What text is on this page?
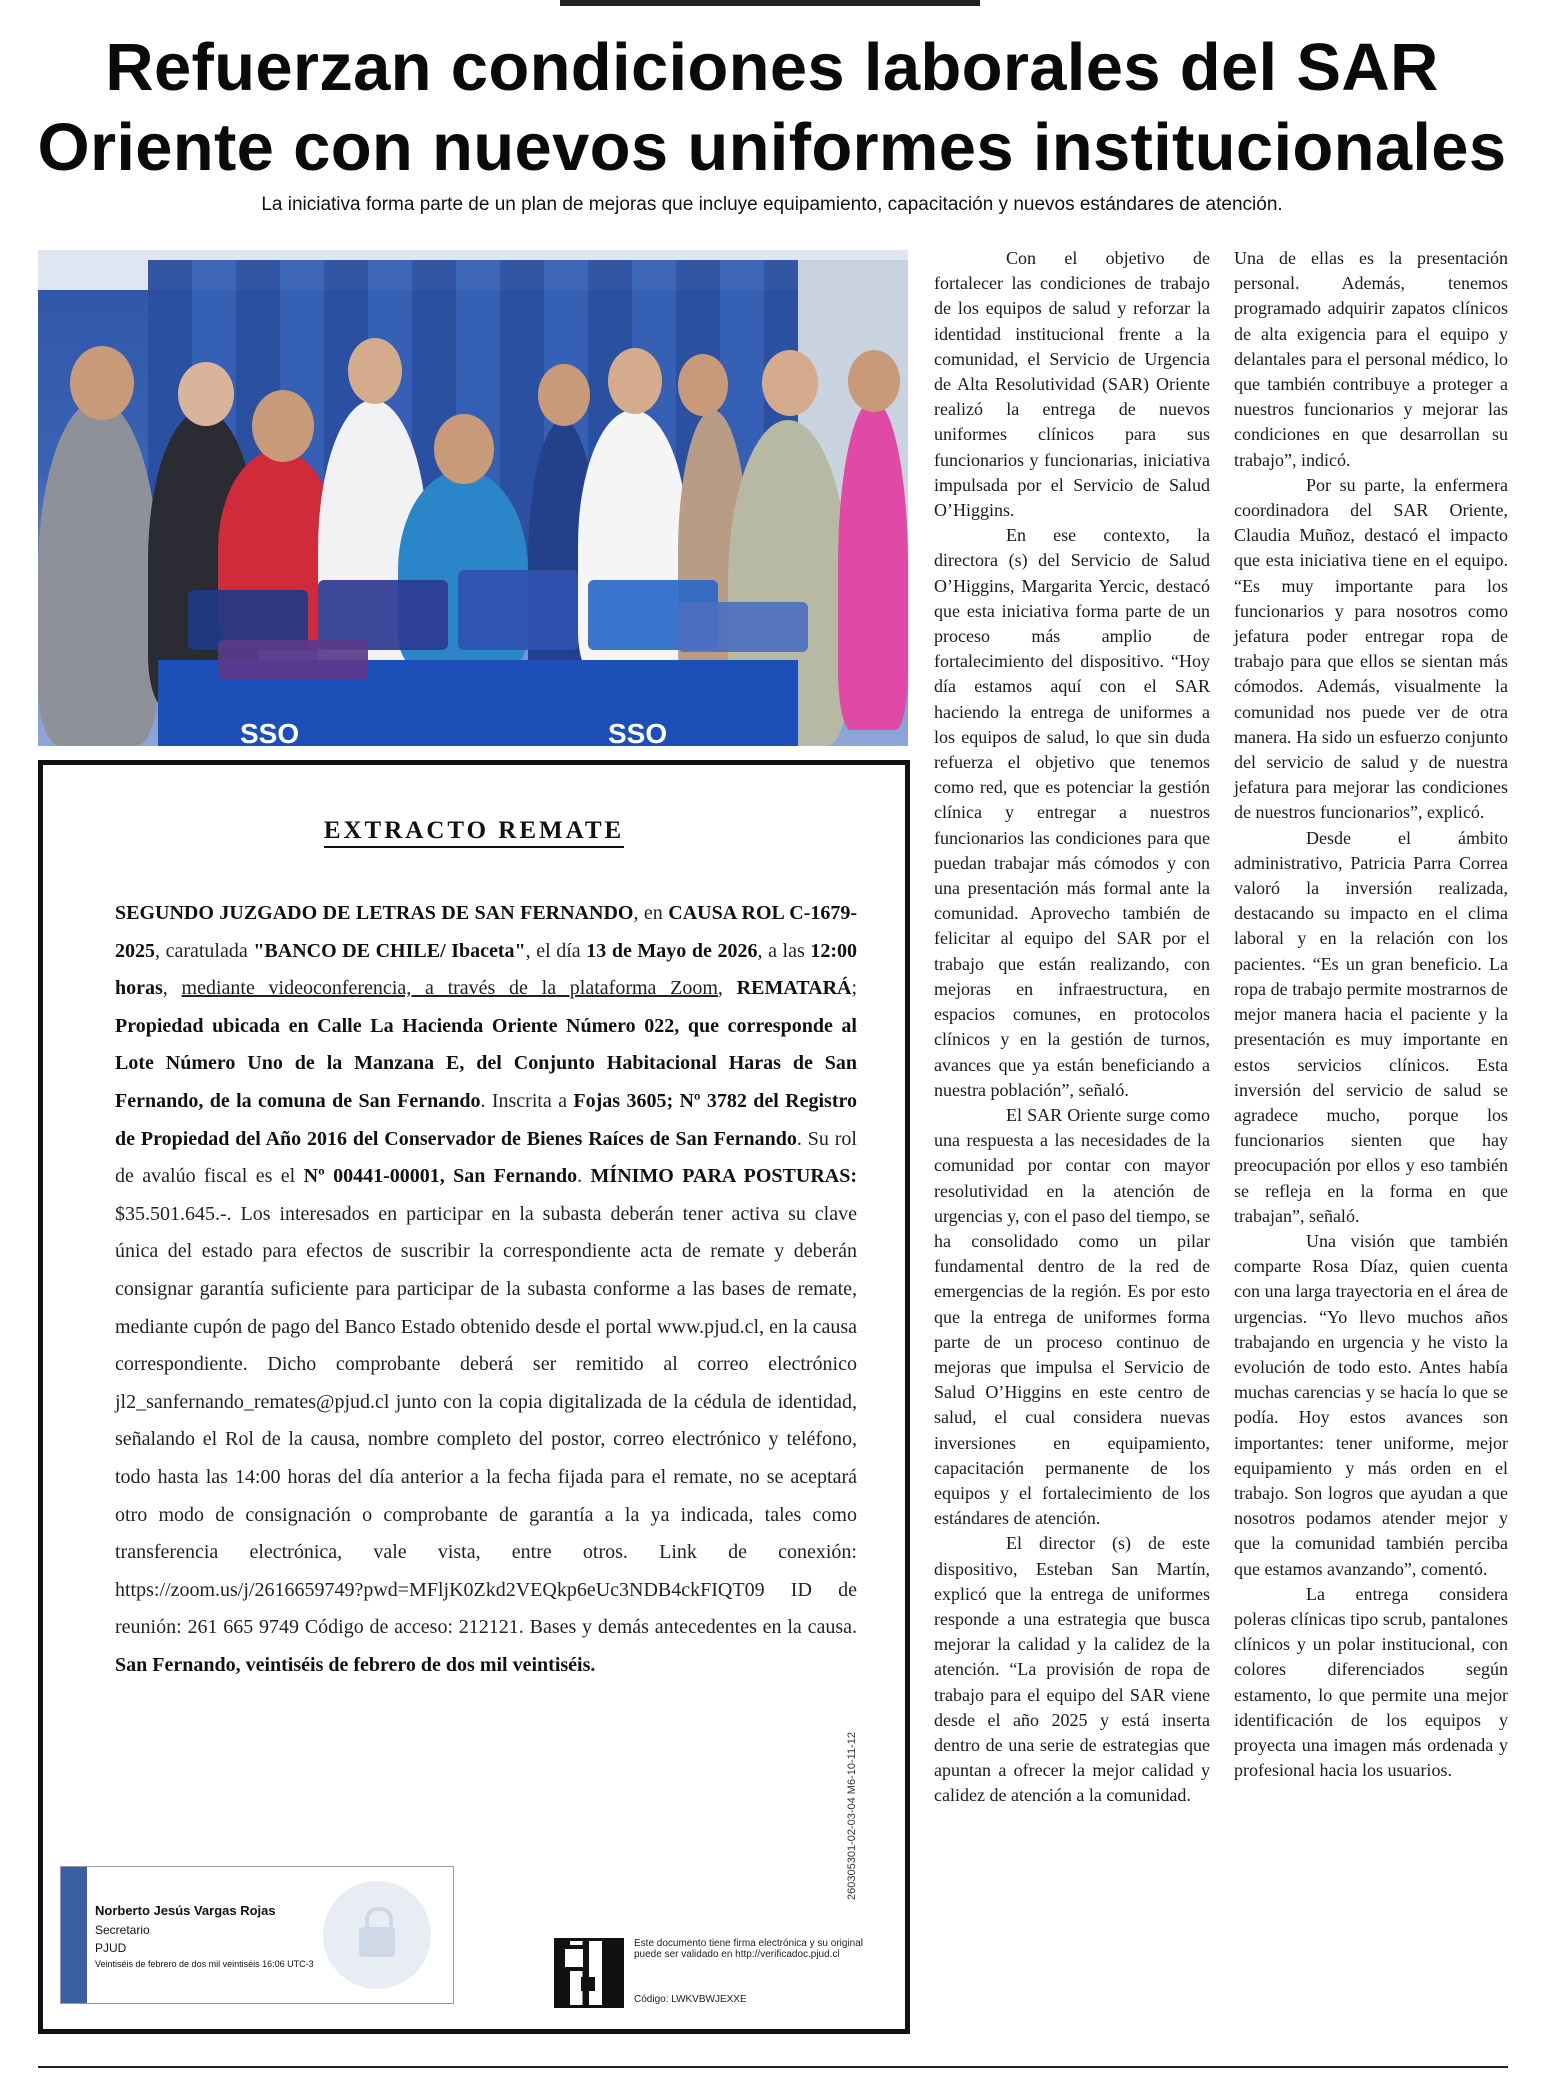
Refuerzan condiciones laborales del SAR
Oriente con nuevos uniformes institucionales
La iniciativa forma parte de un plan de mejoras que incluye equipamiento, capacitación y nuevos estándares de atención.
SSO	SSO
EXTRACTO REMATE

SEGUNDO JUZGADO DE LETRAS DE SAN FERNANDO, en CAUSA ROL C-1679-2025, caratulada "BANCO DE CHILE/ Ibaceta", el día 13 de Mayo de 2026, a las 12:00 horas, mediante videoconferencia, a través de la plataforma Zoom, REMATARÁ; Propiedad ubicada en Calle La Hacienda Oriente Número 022, que corresponde al Lote Número Uno de la Manzana E, del Conjunto Habitacional Haras de San Fernando, de la comuna de San Fernando. Inscrita a Fojas 3605; Nº 3782 del Registro de Propiedad del Año 2016 del Conservador de Bienes Raíces de San Fernando. Su rol de avalúo fiscal es el Nº 00441-00001, San Fernando. MÍNIMO PARA POSTURAS: $35.501.645.-. Los interesados en participar en la subasta deberán tener activa su clave única del estado para efectos de suscribir la correspondiente acta de remate y deberán consignar garantía suficiente para participar de la subasta conforme a las bases de remate, mediante cupón de pago del Banco Estado obtenido desde el portal www.pjud.cl, en la causa correspondiente. Dicho comprobante deberá ser remitido al correo electrónico jl2_sanfernando_remates@pjud.cl junto con la copia digitalizada de la cédula de identidad, señalando el Rol de la causa, nombre completo del postor, correo electrónico y teléfono, todo hasta las 14:00 horas del día anterior a la fecha fijada para el remate, no se aceptará otro modo de consignación o comprobante de garantía a la ya indicada, tales como transferencia electrónica, vale vista, entre otros. Link de conexión: https://zoom.us/j/2616659749?pwd=MFljK0Zkd2VEQkp6eUc3NDB4ckFIQT09 ID de reunión: 261 665 9749 Código de acceso: 212121. Bases y demás antecedentes en la causa. San Fernando, veintiséis de febrero de dos mil veintiséis.

260305301-02-03-04 M6-10-11-12
Norberto Jesús Vargas Rojas
Secretario
PJUD
Veintiséis de febrero de dos mil veintiséis 16:06 UTC-3
Este documento tiene firma electrónica y su original puede ser validado en http://verificadoc.pjud.cl
Código: LWKVBWJEXXE

Con el objetivo de fortalecer las condiciones de trabajo de los equipos de salud y reforzar la identidad institucional frente a la comunidad, el Servicio de Urgencia de Alta Resolutividad (SAR) Oriente realizó la entrega de nuevos uniformes clínicos para sus funcionarios y funcionarias, iniciativa impulsada por el Servicio de Salud O’Higgins.

En ese contexto, la directora (s) del Servicio de Salud O’Higgins, Margarita Yercic, destacó que esta iniciativa forma parte de un proceso más amplio de fortalecimiento del dispositivo. “Hoy día estamos aquí con el SAR haciendo la entrega de uniformes a los equipos de salud, lo que sin duda refuerza el objetivo que tenemos como red, que es potenciar la gestión clínica y entregar a nuestros funcionarios las condiciones para que puedan trabajar más cómodos y con una presentación más formal ante la comunidad. Aprovecho también de felicitar al equipo del SAR por el trabajo que están realizando, con mejoras en infraestructura, en espacios comunes, en protocolos clínicos y en la gestión de turnos, avances que ya están beneficiando a nuestra población”, señaló.

El SAR Oriente surge como una respuesta a las necesidades de la comunidad por contar con mayor resolutividad en la atención de urgencias y, con el paso del tiempo, se ha consolidado como un pilar fundamental dentro de la red de emergencias de la región. Es por esto que la entrega de uniformes forma parte de un proceso continuo de mejoras que impulsa el Servicio de Salud O’Higgins en este centro de salud, el cual considera nuevas inversiones en equipamiento, capacitación permanente de los equipos y el fortalecimiento de los estándares de atención.

El director (s) de este dispositivo, Esteban San Martín, explicó que la entrega de uniformes responde a una estrategia que busca mejorar la calidad y la calidez de la atención. “La provisión de ropa de trabajo para el equipo del SAR viene desde el año 2025 y está inserta dentro de una serie de estrategias que apuntan a ofrecer la mejor calidad y calidez de atención a la comunidad.

Una de ellas es la presentación personal. Además, tenemos programado adquirir zapatos clínicos de alta exigencia para el equipo y delantales para el personal médico, lo que también contribuye a proteger a nuestros funcionarios y mejorar las condiciones en que desarrollan su trabajo”, indicó.

Por su parte, la enfermera coordinadora del SAR Oriente, Claudia Muñoz, destacó el impacto que esta iniciativa tiene en el equipo. “Es muy importante para los funcionarios y para nosotros como jefatura poder entregar ropa de trabajo para que ellos se sientan más cómodos. Además, visualmente la comunidad nos puede ver de otra manera. Ha sido un esfuerzo conjunto del servicio de salud y de nuestra jefatura para mejorar las condiciones de nuestros funcionarios”, explicó.

Desde el ámbito administrativo, Patricia Parra Correa valoró la inversión realizada, destacando su impacto en el clima laboral y en la relación con los pacientes. “Es un gran beneficio. La ropa de trabajo permite mostrarnos de mejor manera hacia el paciente y la presentación es muy importante en estos servicios clínicos. Esta inversión del servicio de salud se agradece mucho, porque los funcionarios sienten que hay preocupación por ellos y eso también se refleja en la forma en que trabajan”, señaló.

Una visión que también comparte Rosa Díaz, quien cuenta con una larga trayectoria en el área de urgencias. “Yo llevo muchos años trabajando en urgencia y he visto la evolución de todo esto. Antes había muchas carencias y se hacía lo que se podía. Hoy estos avances son importantes: tener uniforme, mejor equipamiento y más orden en el trabajo. Son logros que ayudan a que nosotros podamos atender mejor y que la comunidad también perciba que estamos avanzando”, comentó.

La entrega considera poleras clínicas tipo scrub, pantalones clínicos y un polar institucional, con colores diferenciados según estamento, lo que permite una mejor identificación de los equipos y proyecta una imagen más ordenada y profesional hacia los usuarios.
